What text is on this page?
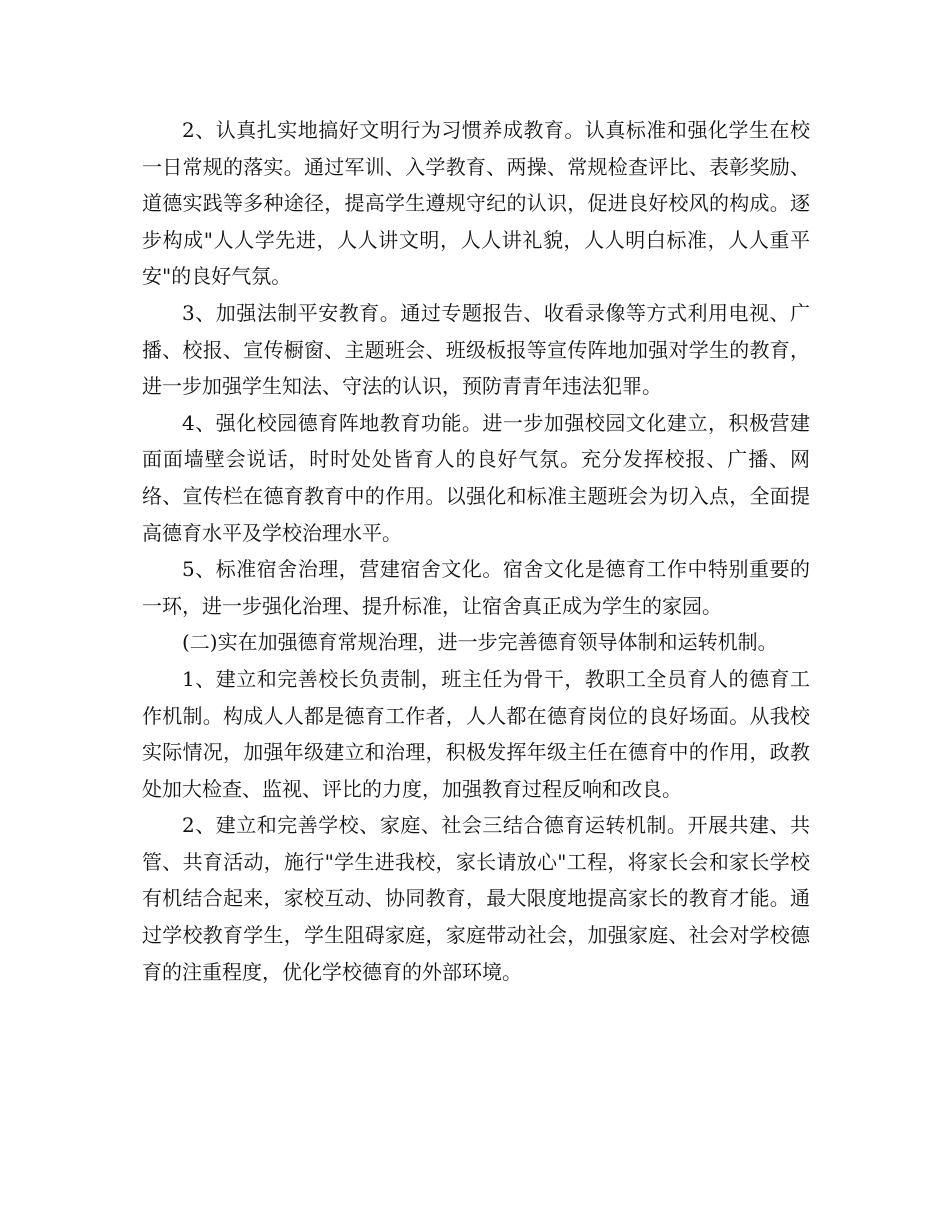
2、认真扎实地搞好文明行为习惯养成教育。认真标准和强化学生在校一日常规的落实。通过军训、入学教育、两操、常规检查评比、表彰奖励、道德实践等多种途径，提高学生遵规守纪的认识，促进良好校风的构成。逐步构成"人人学先进，人人讲文明，人人讲礼貌，人人明白标准，人人重平安"的良好气氛。

3、加强法制平安教育。通过专题报告、收看录像等方式利用电视、广播、校报、宣传橱窗、主题班会、班级板报等宣传阵地加强对学生的教育，进一步加强学生知法、守法的认识，预防青青年违法犯罪。

4、强化校园德育阵地教育功能。进一步加强校园文化建立，积极营建面面墙壁会说话，时时处处皆育人的良好气氛。充分发挥校报、广播、网络、宣传栏在德育教育中的作用。以强化和标准主题班会为切入点，全面提高德育水平及学校治理水平。

5、标准宿舍治理，营建宿舍文化。宿舍文化是德育工作中特别重要的一环，进一步强化治理、提升标准，让宿舍真正成为学生的家园。

(二)实在加强德育常规治理，进一步完善德育领导体制和运转机制。

1、建立和完善校长负责制，班主任为骨干，教职工全员育人的德育工作机制。构成人人都是德育工作者，人人都在德育岗位的良好场面。从我校实际情况，加强年级建立和治理，积极发挥年级主任在德育中的作用，政教处加大检查、监视、评比的力度，加强教育过程反响和改良。

2、建立和完善学校、家庭、社会三结合德育运转机制。开展共建、共管、共育活动，施行"学生进我校，家长请放心"工程，将家长会和家长学校有机结合起来，家校互动、协同教育，最大限度地提高家长的教育才能。通过学校教育学生，学生阻碍家庭，家庭带动社会，加强家庭、社会对学校德育的注重程度，优化学校德育的外部环境。
